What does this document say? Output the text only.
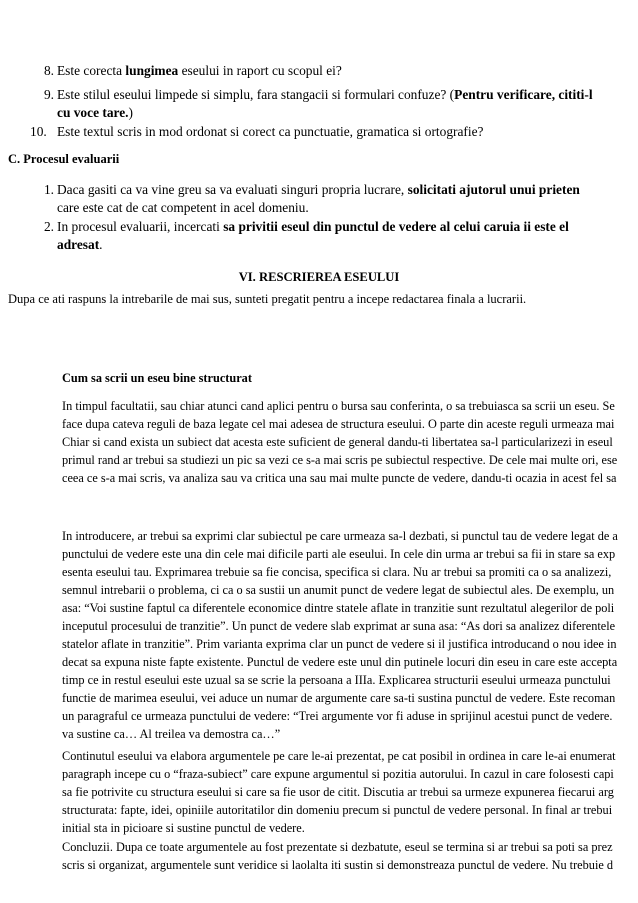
8. Este corecta lungimea eseului in raport cu scopul ei?
9. Este stilul eseului limpede si simplu, fara stangacii si formulari confuze? (Pentru verificare, cititi-l
cu voce tare.)
10. Este textul scris in mod ordonat si corect ca punctuatie, gramatica si ortografie?
C. Procesul evaluarii
1. Daca gasiti ca va vine greu sa va evaluati singuri propria lucrare, solicitati ajutorul unui prieten
care este cat de cat competent in acel domeniu.
2. In procesul evaluarii, incercati sa privitii eseul din punctul de vedere al celui caruia ii este el
adresat.
VI. RESCRIEREA ESEULUI
Dupa ce ati raspuns la intrebarile de mai sus, sunteti pregatit pentru a incepe redactarea finala a lucrarii.

Cum sa scrii un eseu bine structurat

In timpul facultatii, sau chiar atunci cand aplici pentru o bursa sau conferinta, o sa trebuiasca sa scrii un eseu. Se

face dupa cateva reguli de baza legate cel mai adesea de structura eseului. O parte din aceste reguli urmeaza mai

Chiar si cand exista un subiect dat acesta este suficient de general dandu-ti libertatea sa-l particularizezi in eseul

primul rand ar trebui sa studiezi un pic sa vezi ce s-a mai scris pe subiectul respective. De cele mai multe ori, ese

ceea ce s-a mai scris, va analiza sau va critica una sau mai multe puncte de vedere, dandu-ti ocazia in acest fel sa

In introducere, ar trebui sa exprimi clar subiectul pe care urmeaza sa-l dezbati, si punctul tau de vedere legat de a

punctului de vedere este una din cele mai dificile parti ale eseului. In cele din urma ar trebui sa fii in stare sa exp

esenta eseului tau. Exprimarea trebuie sa fie concisa, specifica si clara. Nu ar trebui sa promiti ca o sa analizezi,

semnul intrebarii o problema, ci ca o sa sustii un anumit punct de vedere legat de subiectul ales. De exemplu, un

asa: “Voi sustine faptul ca diferentele economice dintre statele aflate in tranzitie sunt rezultatul alegerilor de poli

inceputul procesului de tranzitie”. Un punct de vedere slab exprimat ar suna asa: “As dori sa analizez diferentele

statelor aflate in tranzitie”. Prim varianta exprima clar un punct de vedere si il justifica introducand o nou idee in

decat sa expuna niste fapte existente. Punctul de vedere este unul din putinele locuri din eseu in care este accepta

timp ce in restul eseului este uzual sa se scrie la persoana a IIIa. Explicarea structurii eseului urmeaza punctului

functie de marimea eseului, vei aduce un numar de argumente care sa-ti sustina punctul de vedere. Este recoman

un paragraful ce urmeaza punctului de vedere: “Trei argumente vor fi aduse in sprijinul acestui punct de vedere.

va sustine ca… Al treilea va demostra ca…”

Continutul eseului va elabora argumentele pe care le-ai prezentat, pe cat posibil in ordinea in care le-ai enumerat

paragraph incepe cu o “fraza-subiect” care expune argumentul si pozitia autorului. In cazul in care folosesti capi

sa fie potrivite cu structura eseului si care sa fie usor de citit. Discutia ar trebui sa urmeze expunerea fiecarui arg

structurata: fapte, idei, opiniile autoritatilor din domeniu precum si punctul de vedere personal. In final ar trebui

initial sta in picioare si sustine punctul de vedere.

Concluzii. Dupa ce toate argumentele au fost prezentate si dezbatute, eseul se termina si ar trebui sa poti sa prez

scris si organizat, argumentele sunt veridice si laolalta iti sustin si demonstreaza punctul de vedere. Nu trebuie d
